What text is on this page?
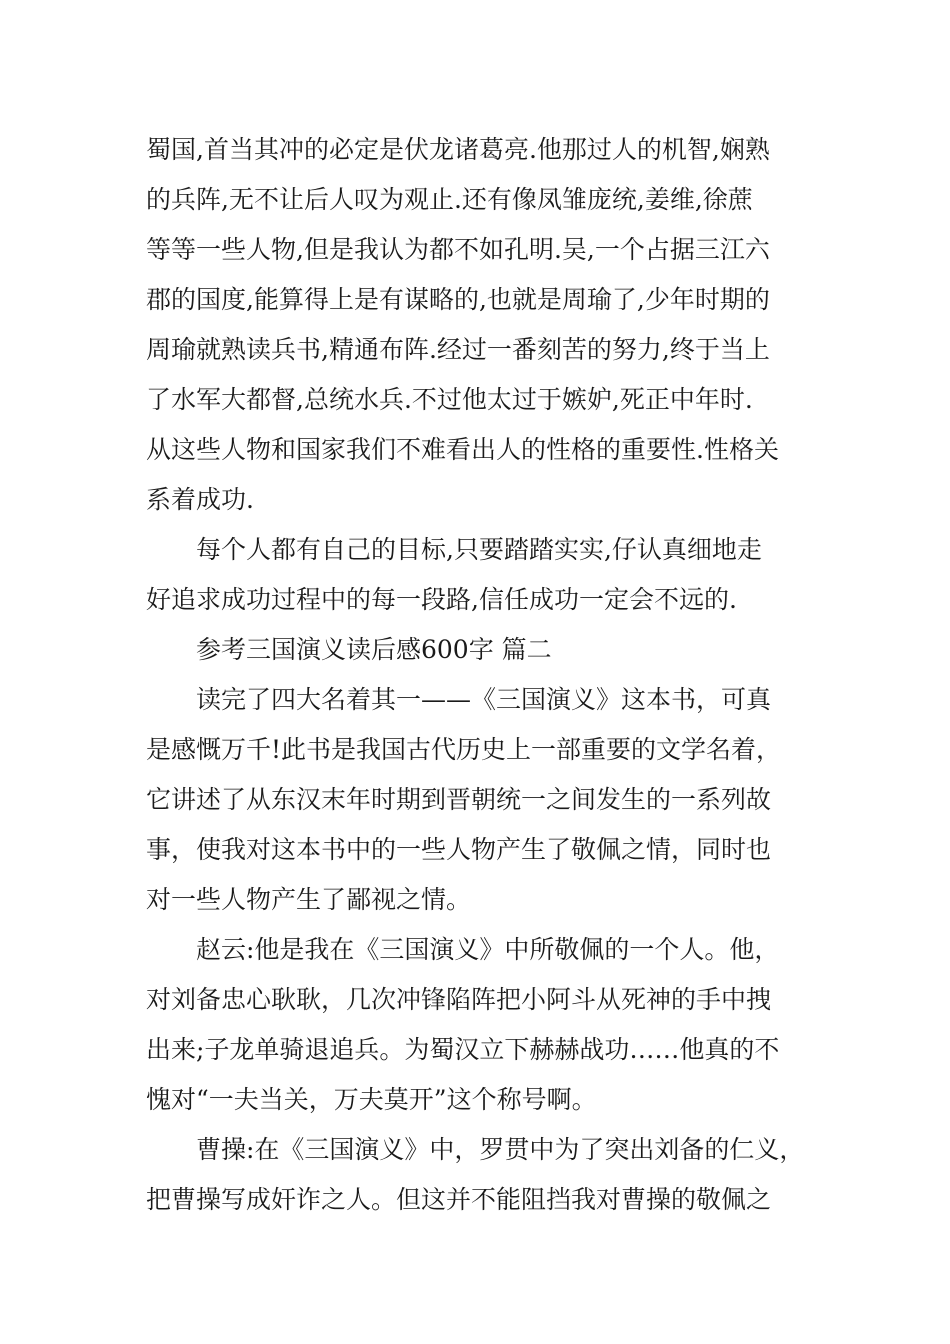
蜀国,首当其冲的必定是伏龙诸葛亮.他那过人的机智,娴熟

的兵阵,无不让后人叹为观止.还有像凤雏庞统,姜维,徐蔗

等等一些人物,但是我认为都不如孔明.吴,一个占据三江六

郡的国度,能算得上是有谋略的,也就是周瑜了,少年时期的

周瑜就熟读兵书,精通布阵.经过一番刻苦的努力,终于当上

了水军大都督,总统水兵.不过他太过于嫉妒,死正中年时.

从这些人物和国家我们不难看出人的性格的重要性.性格关

系着成功.

每个人都有自己的目标,只要踏踏实实,仔认真细地走

好追求成功过程中的每一段路,信任成功一定会不远的.

参考三国演义读后感600字 篇二

读完了四大名着其一——《三国演义》这本书，可真

是感慨万千!此书是我国古代历史上一部重要的文学名着，

它讲述了从东汉末年时期到晋朝统一之间发生的一系列故

事，使我对这本书中的一些人物产生了敬佩之情，同时也

对一些人物产生了鄙视之情。

赵云:他是我在《三国演义》中所敬佩的一个人。他，

对刘备忠心耿耿，几次冲锋陷阵把小阿斗从死神的手中拽

出来;子龙单骑退追兵。为蜀汉立下赫赫战功……他真的不

愧对“一夫当关，万夫莫开”这个称号啊。

曹操:在《三国演义》中，罗贯中为了突出刘备的仁义，

把曹操写成奸诈之人。但这并不能阻挡我对曹操的敬佩之
